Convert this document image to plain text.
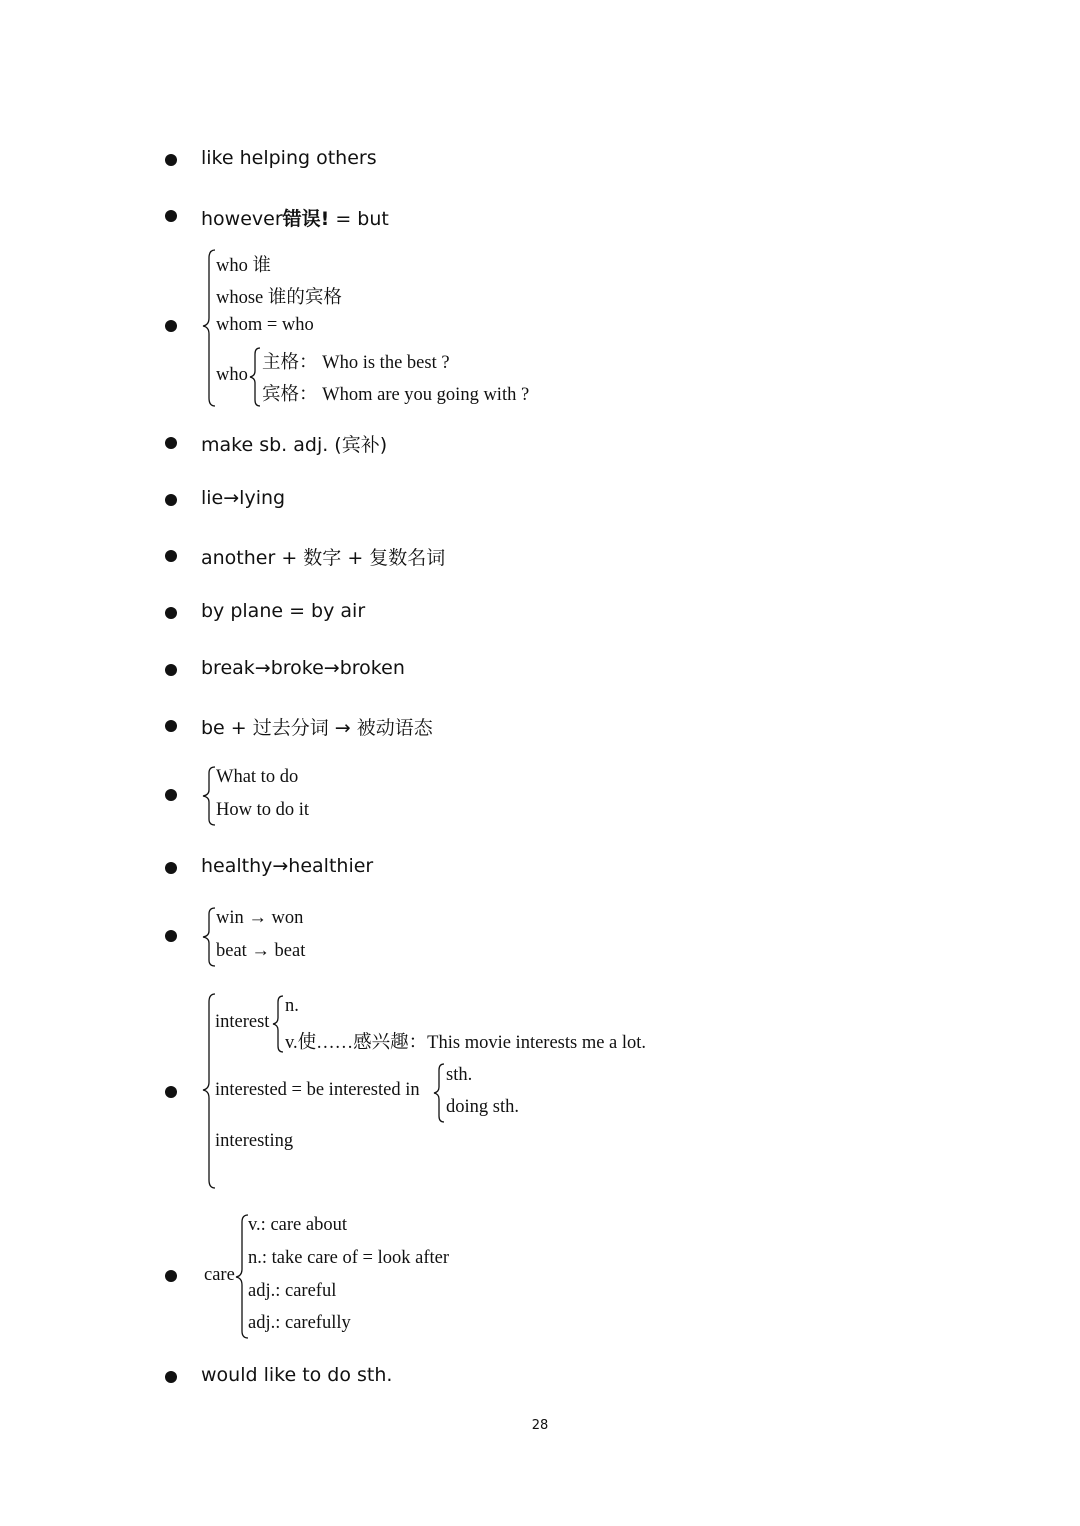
like helping others
however错误! = but
who 谁
whose 谁的宾格
whom = who
who
主格： Who is the best ?
宾格： Whom are you going with ?
make sb. adj. (宾补)
lie→lying
another + 数字 + 复数名词
by plane = by air
break→broke→broken
be + 过去分词 → 被动语态
What to do
How to do it
healthy→healthier
win → won
beat → beat
interest
n.
v.使……感兴趣：This movie interests me a lot.
interested = be interested in
sth.
doing sth.
interesting
care
v.: care about
n.: take care of = look after
adj.: careful
adj.: carefully
would like to do sth.
28
